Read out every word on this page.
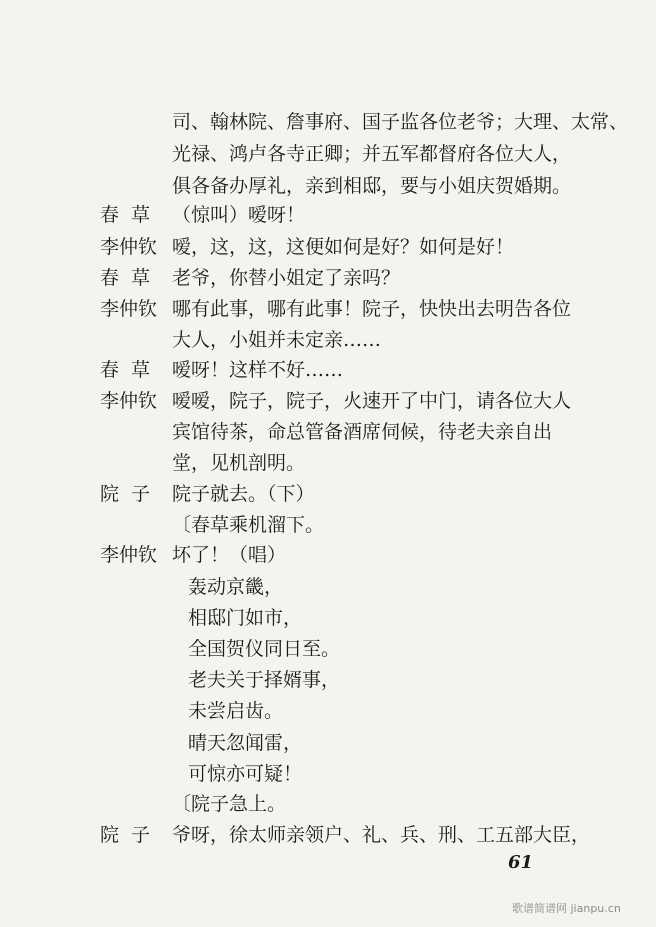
司、翰林院、詹事府、国子监各位老爷；大理、太常、
光禄、鸿卢各寺正卿；并五军都督府各位大人，
俱各备办厚礼，亲到相邸，要与小姐庆贺婚期。
春草 （惊叫）嗳呀！
李仲钦 嗳，这，这，这便如何是好？如何是好！
春草 老爷，你替小姐定了亲吗？
李仲钦 哪有此事，哪有此事！院子，快快出去明告各位
大人，小姐并未定亲……
春草 嗳呀！这样不好……
李仲钦 嗳嗳，院子，院子，火速开了中门，请各位大人
宾馆待茶，命总管备酒席伺候，待老夫亲自出
堂，见机剖明。
院子 院子就去。（下）
〔春草乘机溜下。
李仲钦 坏了！（唱）
轰动京畿，
相邸门如市，
全国贺仪同日至。
老夫关于择婿事，
未尝启齿。
晴天忽闻雷，
可惊亦可疑！
〔院子急上。
院子 爷呀，徐太师亲领户、礼、兵、刑、工五部大臣，
61
歌谱简谱网 jianpu.cn
